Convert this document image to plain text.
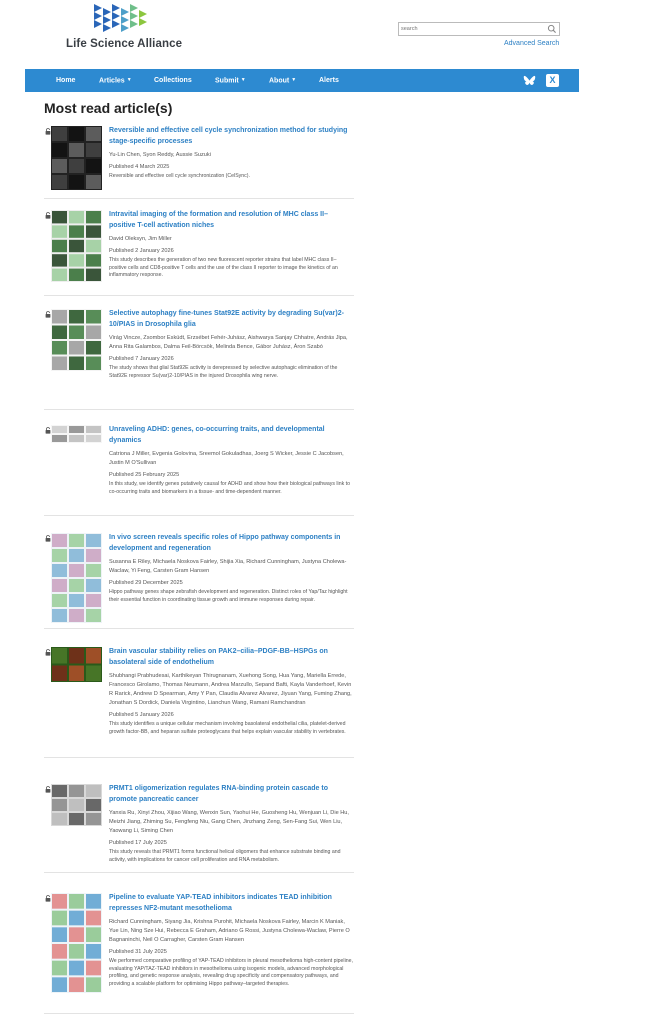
Life Science Alliance
search	Advanced Search
Home	Articles ▼	Collections	Submit ▼	About ▼	Alerts	X
Most read article(s)
Reversible and effective cell cycle synchronization method for studying stage-specific processes
Yu-Lin Chen, Syon Reddy, Aussie Suzuki
Published 4 March 2025
Reversible and effective cell cycle synchronization (CelSync).
Intravital imaging of the formation and resolution of MHC class II–positive T-cell activation niches
David Oleksyn, Jim Miller
Published 2 January 2026
This study describes the generation of two new fluorescent reporter strains that label MHC class II–positive cells and CD8-positive T cells and the use of the class II reporter to image the kinetics of an inflammatory response.
Selective autophagy fine-tunes Stat92E activity by degrading Su(var)2-10/PIAS in Drosophila glia
Virág Vincze, Zsombor Esküdt, Erzsébet Fehér-Juhász, Aishwarya Sanjay Chhatre, András Jipa, Anna Rita Galambos, Dalma Feil-Börcsök, Melinda Bence, Gábor Juhász, Áron Szabó
Published 7 January 2026
The study shows that glial Stat92E activity is derepressed by selective autophagic elimination of the Stat92E repressor Su(var)2-10/PIAS in the injured Drosophila wing nerve.
Unraveling ADHD: genes, co-occurring traits, and developmental dynamics
Catriona J Miller, Evgenia Golovina, Sreemol Gokuladhas, Joerg S Wicker, Jessie C Jacobsen, Justin M O'Sullivan
Published 25 February 2025
In this study, we identify genes putatively causal for ADHD and show how their biological pathways link to co-occurring traits and biomarkers in a tissue- and time-dependent manner.
In vivo screen reveals specific roles of Hippo pathway components in development and regeneration
Susanna E Riley, Michaela Noskova Fairley, Shijia Xia, Richard Cunningham, Justyna Cholewa-Waclaw, Yi Feng, Carsten Gram Hansen
Published 29 December 2025
Hippo pathway genes shape zebrafish development and regeneration. Distinct roles of Yap/Taz highlight their essential function in coordinating tissue growth and immune responses during repair.
Brain vascular stability relies on PAK2–cilia–PDGF-BB–HSPGs on basolateral side of endothelium
Shubhangi Prabhudesai, Karthikeyan Thirugnanam, Xuehong Song, Hua Yang, Mariella Errede, Francesco Girolamo, Thomas Neumann, Andrea Marzullo, Sepand Bafti, Kayla Vanderhoef, Kevin R Rarick, Andrew D Spearman, Amy Y Pan, Claudia Alvarez Alvarez, Jiyuan Yang, Fuming Zhang, Jonathan S Dordick, Daniela Virgintino, Lianchun Wang, Ramani Ramchandran
Published 5 January 2026
This study identifies a unique cellular mechanism involving basolateral endothelial cilia, platelet-derived growth factor-BB, and heparan sulfate proteoglycans that helps explain vascular stability in vertebrates.
PRMT1 oligomerization regulates RNA-binding protein cascade to promote pancreatic cancer
Yanxia Ru, Xinyi Zhou, Xijiao Wang, Wenxin Sun, Yaohui He, Guosheng Hu, Wenjuan Li, Die Hu, Meizhi Jiang, Zhiming Su, Fengfeng Niu, Gang Chen, Jinzhang Zeng, Sen-Fang Sui, Wen Liu, Yaowang Li, Siming Chen
Published 17 July 2025
This study reveals that PRMT1 forms functional helical oligomers that enhance substrate binding and activity, with implications for cancer cell proliferation and RNA metabolism.
Pipeline to evaluate YAP-TEAD inhibitors indicates TEAD inhibition represses NF2-mutant mesothelioma
Richard Cunningham, Siyang Jia, Krishna Purohit, Michaela Noskova Fairley, Marcin K Maniak, Yue Lin, Ning Sze Hui, Rebecca E Graham, Adriano G Rossi, Justyna Cholewa-Waclaw, Pierre O Bagnaninchi, Neil O Carragher, Carsten Gram Hansen
Published 31 July 2025
We performed comparative profiling of YAP-TEAD inhibitors in pleural mesothelioma high-content pipeline, evaluating YAP/TAZ-TEAD inhibitors in mesothelioma using isogenic models, advanced morphological profiling, and genetic response analysis, revealing drug specificity and compensatory pathways, and providing a scalable platform for optimising Hippo pathway–targeted therapies.
